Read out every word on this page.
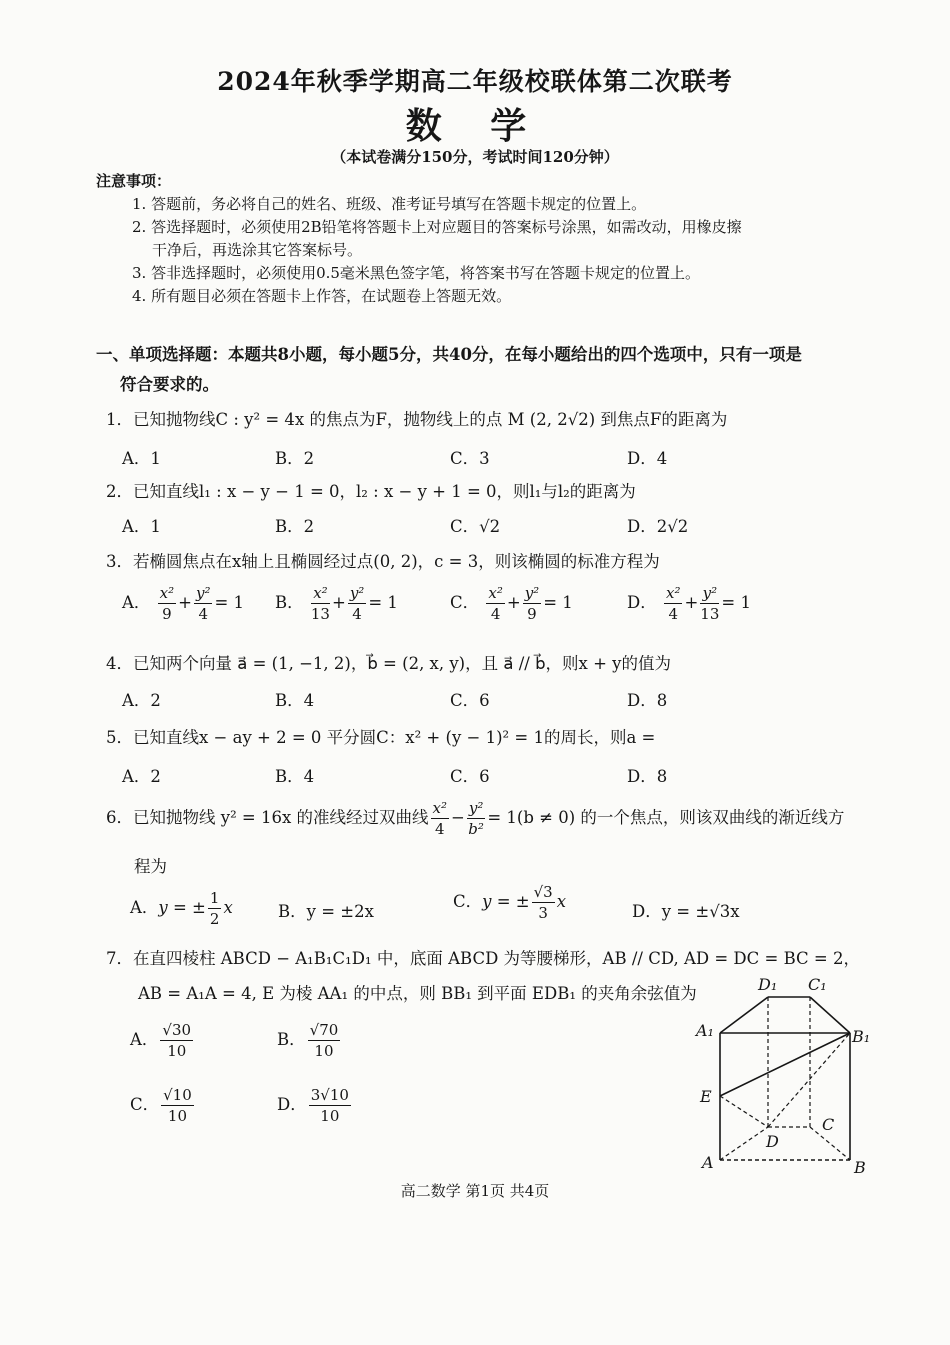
2024年秋季学期高二年级校联体第二次联考
数 学
（本试卷满分150分，考试时间120分钟）
注意事项：
1. 答题前，务必将自己的姓名、班级、准考证号填写在答题卡规定的位置上。
2. 答选择题时，必须使用2B铅笔将答题卡上对应题目的答案标号涂黑，如需改动，用橡皮擦
干净后，再选涂其它答案标号。
3. 答非选择题时，必须使用0.5毫米黑色签字笔，将答案书写在答题卡规定的位置上。
4. 所有题目必须在答题卡上作答，在试题卷上答题无效。
一、单项选择题：本题共8小题，每小题5分，共40分，在每小题给出的四个选项中，只有一项是
符合要求的。
1．已知抛物线C : y² = 4x 的焦点为F，抛物线上的点 M (2, 2√2) 到焦点F的距离为
A．1	B．2	C．3	D．4
2．已知直线l₁ : x − y − 1 = 0，l₂ : x − y + 1 = 0，则l₁与l₂的距离为
A．1	B．2	C．√2	D．2√2
3．若椭圆焦点在x轴上且椭圆经过点(0, 2)，c = 3，则该椭圆的标准方程为
A． $\frac{\text{x²}}{9} + \frac{\text{y²}}{4} = 1$ B． $\frac{\text{x²}}{13} + \frac{\text{y²}}{4} = 1$	C． $\frac{\text{x²}}{4} + \frac{\text{y²}}{9} = 1$	D． $\frac{\text{x²}}{4} + \frac{\text{y²}}{13} = 1$
4．已知两个向量 a⃗ = (1, −1, 2)，b⃗ = (2, x, y)，且 a⃗ // b⃗，则x + y的值为
A．2	B．4	C．6	D．8
5．已知直线x − ay + 2 = 0 平分圆C：x² + (y − 1)² = 1的周长，则a =
A．2	B．4	C．6	D．8
6．已知抛物线 y² = 16x 的准线经过双曲线 $\frac{\text{x²}}{4} - \frac{\text{y²}}{\text{b²}} = 1(b \ne 0)$ 的一个焦点，则该双曲线的渐近线方
程为
A．y = ± $\frac{1}{2}$ x	B．y = ±2x
C．y = ± $\frac{√3}{3}$ x
D．y = ±√3x
7．在直四棱柱 ABCD − A₁B₁C₁D₁ 中，底面 ABCD 为等腰梯形，AB // CD, AD = DC = BC = 2，
AB = A₁A = 4, E 为棱 AA₁ 的中点，则 BB₁ 到平面 EDB₁ 的夹角余弦值为
A． $\frac{√30}{10}$	B． $\frac{√70}{10}$
C． $\frac{√10}{10}$	D． $\frac{3√10}{10}$
D₁ C₁
A₁	B₁
E
D
C
A	B
高二数学 第1页 共4页
